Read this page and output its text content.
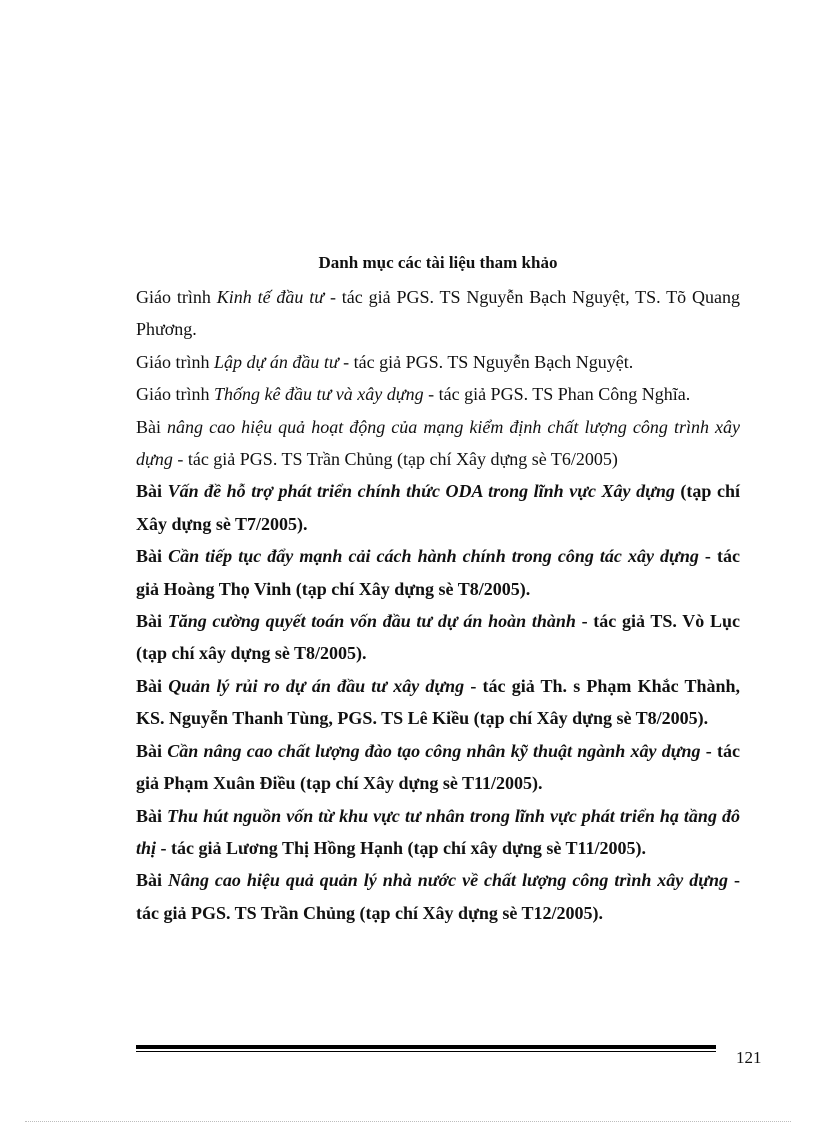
Danh mục các tài liệu tham khảo

Giáo trình Kinh tế đầu tư - tác giả PGS. TS Nguyễn Bạch Nguyệt, TS. Tõ Quang Phương.

Giáo trình Lập dự án đầu tư - tác giả PGS. TS Nguyễn Bạch Nguyệt.

Giáo trình Thống kê đầu tư và xây dựng - tác giả PGS. TS Phan Công Nghĩa.

Bài nâng cao hiệu quả hoạt động của mạng kiểm định chất lượng công trình xây dựng - tác giả PGS. TS Trần Chủng (tạp chí Xây dựng sè T6/2005)

Bài Vấn đề hỗ trợ phát triển chính thức ODA trong lĩnh vực Xây dựng (tạp chí Xây dựng sè T7/2005).

Bài Cần tiếp tục đẩy mạnh cải cách hành chính trong công tác xây dựng - tác giả Hoàng Thọ Vinh (tạp chí Xây dựng sè T8/2005).

Bài Tăng cường quyết toán vốn đầu tư dự án hoàn thành - tác giả TS. Vò Lục (tạp chí xây dựng sè T8/2005).

Bài Quản lý rủi ro dự án đầu tư xây dựng - tác giả Th. s Phạm Khắc Thành, KS. Nguyễn Thanh Tùng, PGS. TS Lê Kiều (tạp chí Xây dựng sè T8/2005).

Bài Cần nâng cao chất lượng đào tạo công nhân kỹ thuật ngành xây dựng - tác giả Phạm Xuân Điều (tạp chí Xây dựng sè T11/2005).

Bài Thu hút nguồn vốn từ khu vực tư nhân trong lĩnh vực phát triển hạ tầng đô thị - tác giả Lương Thị Hồng Hạnh (tạp chí xây dựng sè T11/2005).

Bài Nâng cao hiệu quả quản lý nhà nước về chất lượng công trình xây dựng - tác giả PGS. TS Trần Chủng (tạp chí Xây dựng sè T12/2005).

121
